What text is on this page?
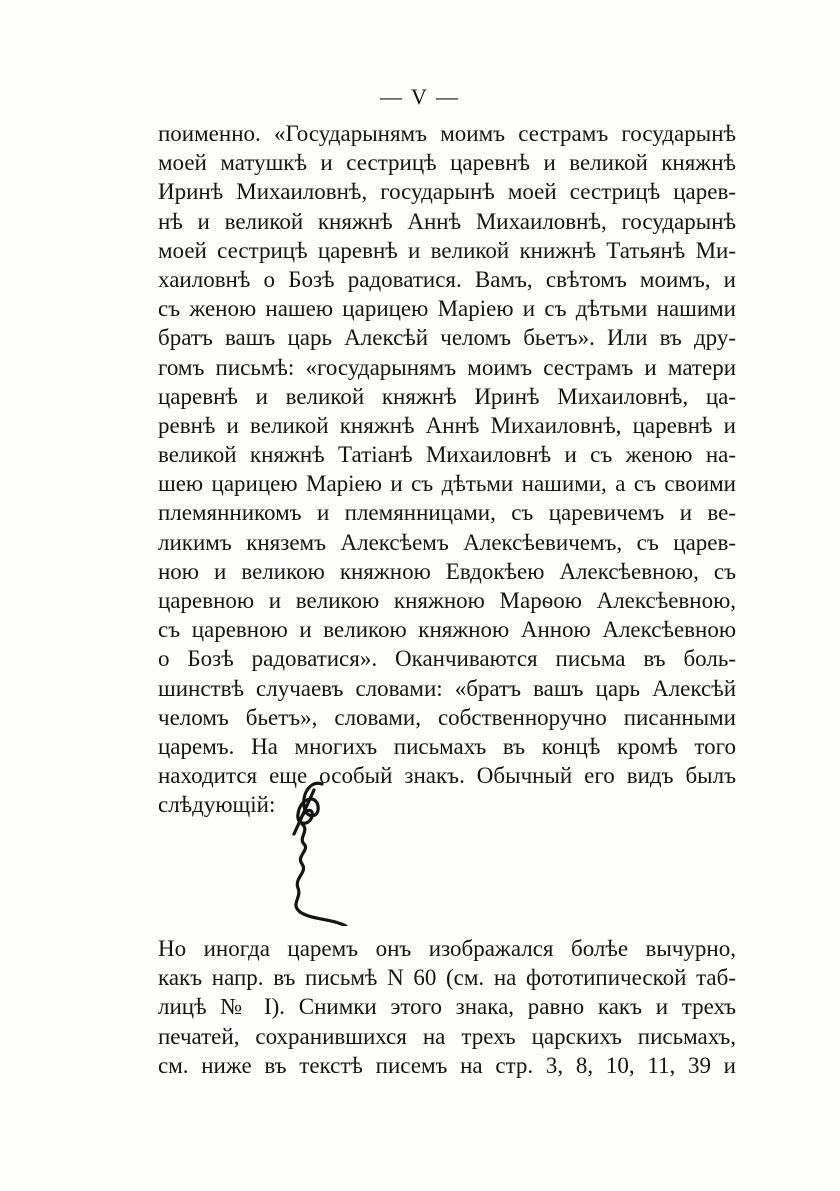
— V —
поименно. «Государынямъ моимъ сестрамъ государынѣ
моей матушкѣ и сестрицѣ царевнѣ и великой княжнѣ
Иринѣ Михаиловнѣ, государынѣ моей сестрицѣ царев-
нѣ и великой княжнѣ Аннѣ Михаиловнѣ, государынѣ
моей сестрицѣ царевнѣ и великой книжнѣ Татьянѣ Ми-
хаиловнѣ о Бозѣ радоватися. Вамъ, свѣтомъ моимъ, и
съ женою нашею царицею Маріею и съ дѣтьми нашими
братъ вашъ царь Алексѣй челомъ бьетъ». Или въ дру-
гомъ письмѣ: «государынямъ моимъ сестрамъ и матери
царевнѣ и великой княжнѣ Иринѣ Михаиловнѣ, ца-
ревнѣ и великой княжнѣ Аннѣ Михаиловнѣ, царевнѣ и
великой княжнѣ Татіанѣ Михаиловнѣ и съ женою на-
шею царицею Маріею и съ дѣтьми нашими, а съ своими
племянникомъ и племянницами, съ царевичемъ и ве-
ликимъ княземъ Алексѣемъ Алексѣевичемъ, съ царев-
ною и великою княжною Евдокѣею Алексѣевною, съ
царевною и великою княжною Марѳою Алексѣевною,
съ царевною и великою княжною Анною Алексѣевною
о Бозѣ радоватися». Оканчиваются письма въ боль-
шинствѣ случаевъ словами: «братъ вашъ царь Алексѣй
челомъ бьетъ», словами, собственноручно писанными
царемъ. На многихъ письмахъ въ концѣ кромѣ того
находится еще особый знакъ. Обычный его видъ былъ
слѣдующій:
Но иногда царемъ онъ изображался болѣе вычурно,
какъ напр. въ письмѣ N 60 (см. на фототипической таб-
лицѣ № I). Снимки этого знака, равно какъ и трехъ
печатей, сохранившихся на трехъ царскихъ письмахъ,
см. ниже въ текстѣ писемъ на стр. 3, 8, 10, 11, 39 и
